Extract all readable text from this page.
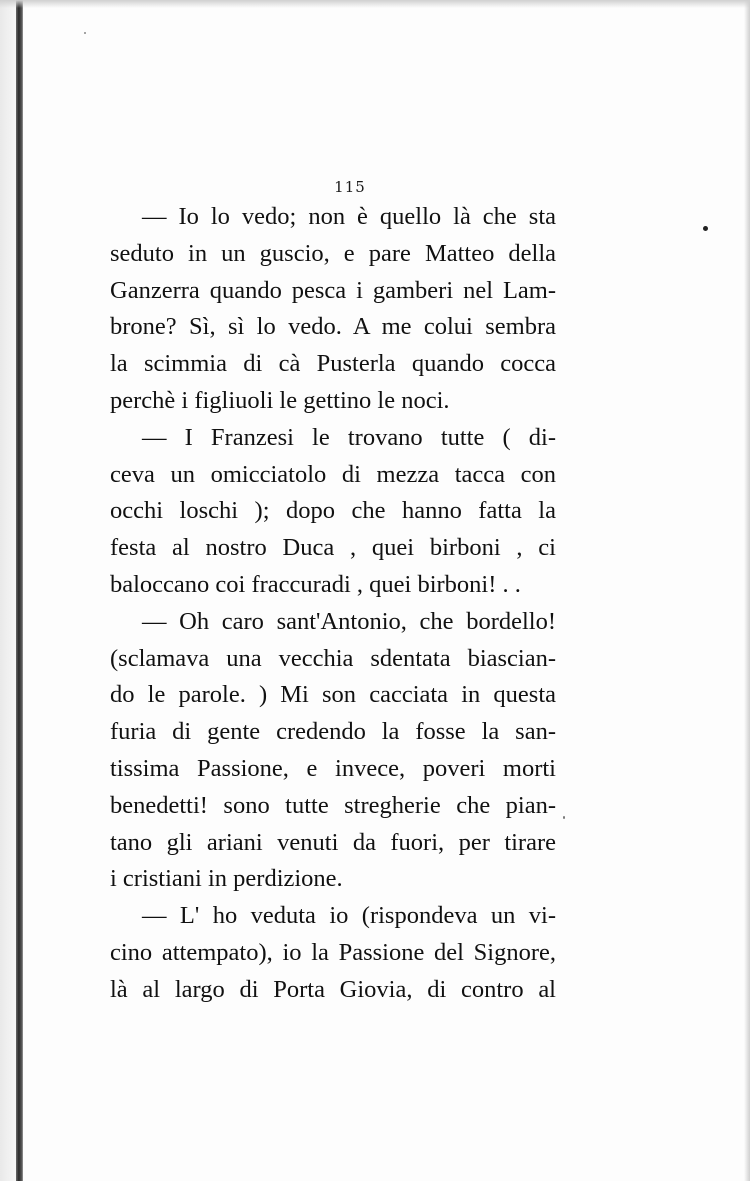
115
— Io lo vedo; non è quello là che sta
seduto in un guscio, e pare Matteo della
Ganzerra quando pesca i gamberi nel Lam-
brone? Sì, sì lo vedo. A me colui sembra
la scimmia di cà Pusterla quando cocca
perchè i figliuoli le gettino le noci.
— I Franzesi le trovano tutte ( di-
ceva un omicciatolo di mezza tacca con
occhi loschi ); dopo che hanno fatta la
festa al nostro Duca , quei birboni , ci
baloccano coi fraccuradi , quei birboni! . .
— Oh caro sant'Antonio, che bordello!
(sclamava una vecchia sdentata biascian-
do le parole. ) Mi son cacciata in questa
furia di gente credendo la fosse la san-
tissima Passione, e invece, poveri morti
benedetti! sono tutte stregherie che pian-
tano gli ariani venuti da fuori, per tirare
i cristiani in perdizione.
— L' ho veduta io (rispondeva un vi-
cino attempato), io la Passione del Signore,
là al largo di Porta Giovia, di contro al
